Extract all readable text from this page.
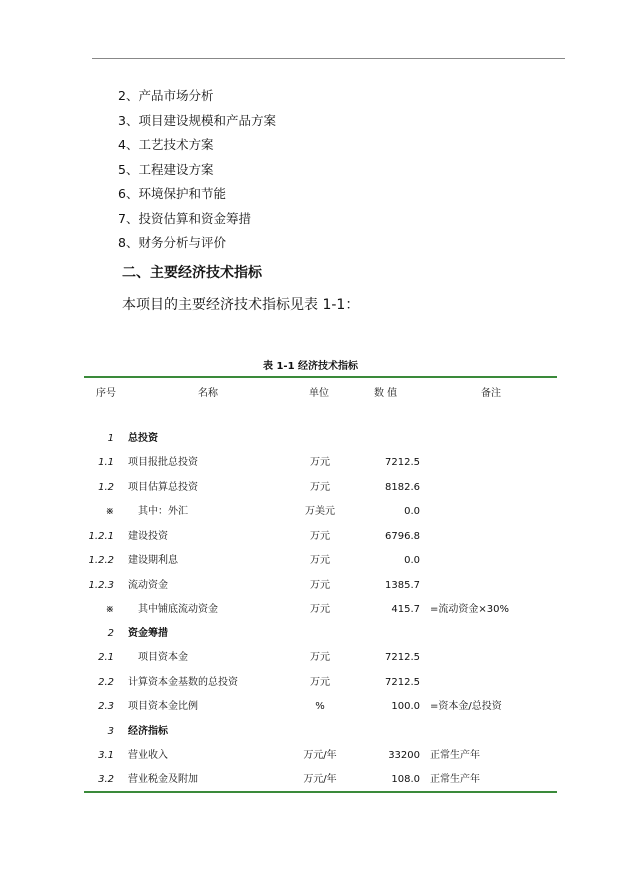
2、产品市场分析
3、项目建设规模和产品方案
4、工艺技术方案
5、工程建设方案
6、环境保护和节能
7、投资估算和资金筹措
8、财务分析与评价
二、主要经济技术指标
本项目的主要经济技术指标见表 1-1：
表 1-1 经济技术指标
序号	名称	单位	数 值	备注
1 总投资
1.1 项目报批总投资	万元	7212.5
1.2 项目估算总投资	万元	8182.6
※ 其中：外汇	万美元	0.0
1.2.1 建设投资	万元	6796.8
1.2.2 建设期利息	万元	0.0
1.2.3 流动资金	万元	1385.7
※ 其中铺底流动资金	万元	415.7 =流动资金×30%
2 资金筹措
2.1 项目资本金	万元	7212.5
2.2 计算资本金基数的总投资	万元	7212.5
2.3 项目资本金比例	%	100.0 =资本金/总投资
3 经济指标
3.1 营业收入	万元/年	33200 正常生产年
3.2 营业税金及附加	万元/年	108.0 正常生产年
